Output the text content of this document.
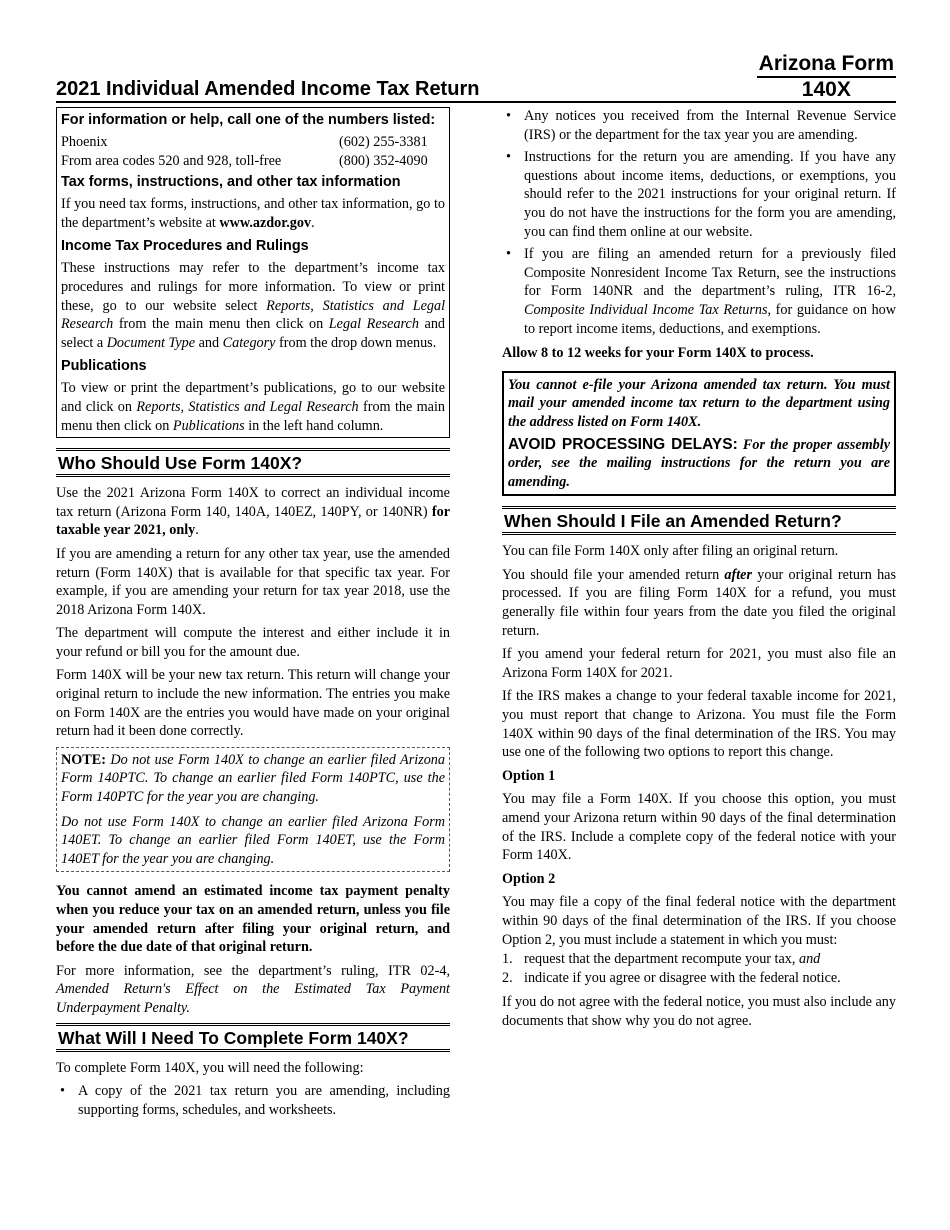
Arizona Form
140X
2021 Individual Amended Income Tax Return
For information or help, call one of the numbers listed:
Phoenix	(602) 255-3381
From area codes 520 and 928, toll-free	(800) 352-4090
Tax forms, instructions, and other tax information

If you need tax forms, instructions, and other tax information, go to the department’s website at www.azdor.gov.

Income Tax Procedures and Rulings

These instructions may refer to the department’s income tax procedures and rulings for more information. To view or print these, go to our website select Reports, Statistics and Legal Research from the main menu then click on Legal Research and select a Document Type and Category from the drop down menus.

Publications

To view or print the department’s publications, go to our website and click on Reports, Statistics and Legal Research from the main menu then click on Publications in the left hand column.

Who Should Use Form 140X?

Use the 2021 Arizona Form 140X to correct an individual income tax return (Arizona Form 140, 140A, 140EZ, 140PY, or 140NR) for taxable year 2021, only.

If you are amending a return for any other tax year, use the amended return (Form 140X) that is available for that specific tax year. For example, if you are amending your return for tax year 2018, use the 2018 Arizona Form 140X.

The department will compute the interest and either include it in your refund or bill you for the amount due.

Form 140X will be your new tax return. This return will change your original return to include the new information. The entries you make on Form 140X are the entries you would have made on your original return had it been done correctly.

NOTE: Do not use Form 140X to change an earlier filed Arizona Form 140PTC. To change an earlier filed Form 140PTC, use the Form 140PTC for the year you are changing.

Do not use Form 140X to change an earlier filed Arizona Form 140ET. To change an earlier filed Form 140ET, use the Form 140ET for the year you are changing.

You cannot amend an estimated income tax payment penalty when you reduce your tax on an amended return, unless you file your amended return after filing your original return, and before the due date of that original return.

For more information, see the department’s ruling, ITR 02-4, Amended Return's Effect on the Estimated Tax Payment Underpayment Penalty.

What Will I Need To Complete Form 140X?

To complete Form 140X, you will need the following:

• A copy of the 2021 tax return you are amending, including supporting forms, schedules, and worksheets.
• Any notices you received from the Internal Revenue Service (IRS) or the department for the tax year you are amending.
• Instructions for the return you are amending. If you have any questions about income items, deductions, or exemptions, you should refer to the 2021 instructions for your original return. If you do not have the instructions for the form you are amending, you can find them online at our website.
• If you are filing an amended return for a previously filed Composite Nonresident Income Tax Return, see the instructions for Form 140NR and the department’s ruling, ITR 16-2, Composite Individual Income Tax Returns, for guidance on how to report income items, deductions, and exemptions.

Allow 8 to 12 weeks for your Form 140X to process.

You cannot e-file your Arizona amended tax return. You must mail your amended income tax return to the department using the address listed on Form 140X.

AVOID PROCESSING DELAYS: For the proper assembly order, see the mailing instructions for the return you are amending.

When Should I File an Amended Return?

You can file Form 140X only after filing an original return.

You should file your amended return after your original return has processed. If you are filing Form 140X for a refund, you must generally file within four years from the date you filed the original return.

If you amend your federal return for 2021, you must also file an Arizona Form 140X for 2021.

If the IRS makes a change to your federal taxable income for 2021, you must report that change to Arizona. You must file the Form 140X within 90 days of the final determination of the IRS. You may use one of the following two options to report this change.

Option 1

You may file a Form 140X. If you choose this option, you must amend your Arizona return within 90 days of the final determination of the IRS. Include a complete copy of the federal notice with your Form 140X.

Option 2

You may file a copy of the final federal notice with the department within 90 days of the final determination of the IRS. If you choose Option 2, you must include a statement in which you must:

1. request that the department recompute your tax, and
2. indicate if you agree or disagree with the federal notice.

If you do not agree with the federal notice, you must also include any documents that show why you do not agree.
